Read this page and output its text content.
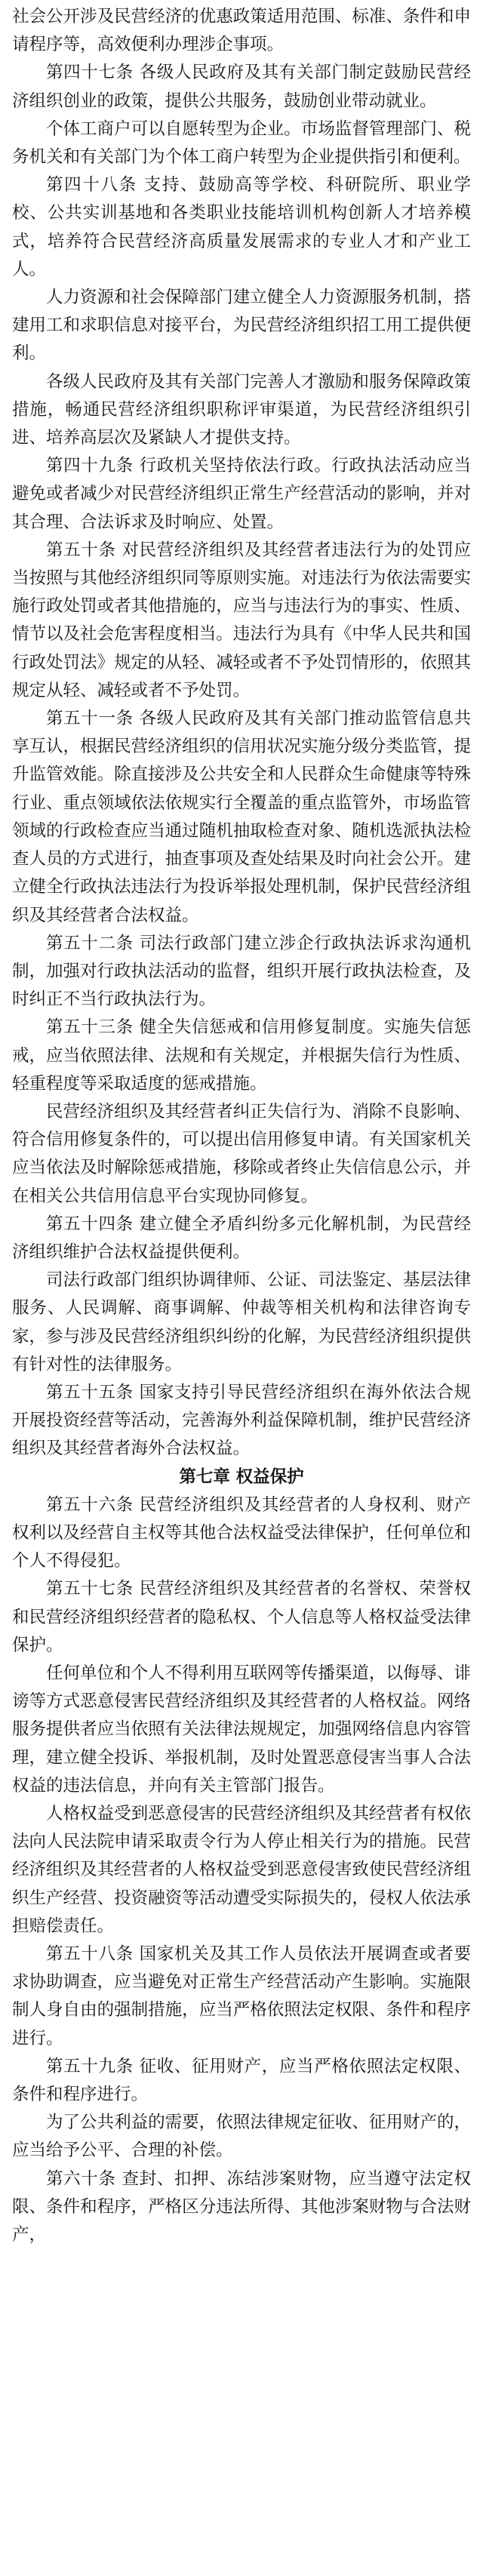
社会公开涉及民营经济的优惠政策适用范围、标准、条件和申请程序等，高效便利办理涉企事项。

第四十七条 各级人民政府及其有关部门制定鼓励民营经济组织创业的政策，提供公共服务，鼓励创业带动就业。

个体工商户可以自愿转型为企业。市场监督管理部门、税务机关和有关部门为个体工商户转型为企业提供指引和便利。

第四十八条 支持、鼓励高等学校、科研院所、职业学校、公共实训基地和各类职业技能培训机构创新人才培养模式，培养符合民营经济高质量发展需求的专业人才和产业工人。

人力资源和社会保障部门建立健全人力资源服务机制，搭建用工和求职信息对接平台，为民营经济组织招工用工提供便利。

各级人民政府及其有关部门完善人才激励和服务保障政策措施，畅通民营经济组织职称评审渠道，为民营经济组织引进、培养高层次及紧缺人才提供支持。

第四十九条 行政机关坚持依法行政。行政执法活动应当避免或者减少对民营经济组织正常生产经营活动的影响，并对其合理、合法诉求及时响应、处置。

第五十条 对民营经济组织及其经营者违法行为的处罚应当按照与其他经济组织同等原则实施。对违法行为依法需要实施行政处罚或者其他措施的，应当与违法行为的事实、性质、情节以及社会危害程度相当。违法行为具有《中华人民共和国行政处罚法》规定的从轻、减轻或者不予处罚情形的，依照其规定从轻、减轻或者不予处罚。

第五十一条 各级人民政府及其有关部门推动监管信息共享互认，根据民营经济组织的信用状况实施分级分类监管，提升监管效能。除直接涉及公共安全和人民群众生命健康等特殊行业、重点领域依法依规实行全覆盖的重点监管外，市场监管领域的行政检查应当通过随机抽取检查对象、随机选派执法检查人员的方式进行，抽查事项及查处结果及时向社会公开。建立健全行政执法违法行为投诉举报处理机制，保护民营经济组织及其经营者合法权益。

第五十二条 司法行政部门建立涉企行政执法诉求沟通机制，加强对行政执法活动的监督，组织开展行政执法检查，及时纠正不当行政执法行为。

第五十三条 健全失信惩戒和信用修复制度。实施失信惩戒，应当依照法律、法规和有关规定，并根据失信行为性质、轻重程度等采取适度的惩戒措施。

民营经济组织及其经营者纠正失信行为、消除不良影响、符合信用修复条件的，可以提出信用修复申请。有关国家机关应当依法及时解除惩戒措施，移除或者终止失信信息公示，并在相关公共信用信息平台实现协同修复。

第五十四条 建立健全矛盾纠纷多元化解机制，为民营经济组织维护合法权益提供便利。

司法行政部门组织协调律师、公证、司法鉴定、基层法律服务、人民调解、商事调解、仲裁等相关机构和法律咨询专家，参与涉及民营经济组织纠纷的化解，为民营经济组织提供有针对性的法律服务。

第五十五条 国家支持引导民营经济组织在海外依法合规开展投资经营等活动，完善海外利益保障机制，维护民营经济组织及其经营者海外合法权益。

第七章 权益保护

第五十六条 民营经济组织及其经营者的人身权利、财产权利以及经营自主权等其他合法权益受法律保护，任何单位和个人不得侵犯。

第五十七条 民营经济组织及其经营者的名誉权、荣誉权和民营经济组织经营者的隐私权、个人信息等人格权益受法律保护。

任何单位和个人不得利用互联网等传播渠道，以侮辱、诽谤等方式恶意侵害民营经济组织及其经营者的人格权益。网络服务提供者应当依照有关法律法规规定，加强网络信息内容管理，建立健全投诉、举报机制，及时处置恶意侵害当事人合法权益的违法信息，并向有关主管部门报告。

人格权益受到恶意侵害的民营经济组织及其经营者有权依法向人民法院申请采取责令行为人停止相关行为的措施。民营经济组织及其经营者的人格权益受到恶意侵害致使民营经济组织生产经营、投资融资等活动遭受实际损失的，侵权人依法承担赔偿责任。

第五十八条 国家机关及其工作人员依法开展调查或者要求协助调查，应当避免对正常生产经营活动产生影响。实施限制人身自由的强制措施，应当严格依照法定权限、条件和程序进行。

第五十九条 征收、征用财产，应当严格依照法定权限、条件和程序进行。

为了公共利益的需要，依照法律规定征收、征用财产的，应当给予公平、合理的补偿。

第六十条 查封、扣押、冻结涉案财物，应当遵守法定权限、条件和程序，严格区分违法所得、其他涉案财物与合法财产，
